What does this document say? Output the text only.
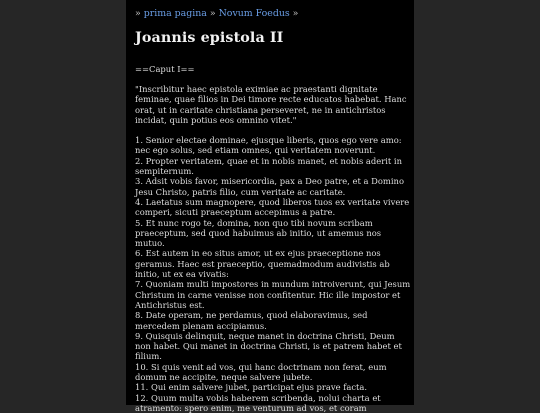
» prima pagina » Novum Foedus »
Joannis epistola II
==Caput I==
"Inscribitur haec epistola eximiae ac praestanti dignitate feminae, quae filios in Dei timore recte educatos habebat. Hanc orat, ut in caritate christiana perseveret, ne in antichristos incidat, quin potius eos omnino vitet."
1. Senior electae dominae, ejusque liberis, quos ego vere amo: nec ego solus, sed etiam omnes, qui veritatem noverunt.
2. Propter veritatem, quae et in nobis manet, et nobis aderit in sempiternum.
3. Adsit vobis favor, misericordia, pax a Deo patre, et a Domino Jesu Christo, patris filio, cum veritate ac caritate.
4. Laetatus sum magnopere, quod liberos tuos ex veritate vivere comperi, sicuti praeceptum accepimus a patre.
5. Et nunc rogo te, domina, non quo tibi novum scribam praeceptum, sed quod habuimus ab initio, ut amemus nos mutuo.
6. Est autem in eo situs amor, ut ex ejus praeceptione nos geramus. Haec est praeceptio, quemadmodum audivistis ab initio, ut ex ea vivatis:
7. Quoniam multi impostores in mundum introiverunt, qui Jesum Christum in carne venisse non confitentur. Hic ille impostor et Antichristus est.
8. Date operam, ne perdamus, quod elaboravimus, sed mercedem plenam accipiamus.
9. Quisquis delinquit, neque manet in doctrina Christi, Deum non habet. Qui manet in doctrina Christi, is et patrem habet et filium.
10. Si quis venit ad vos, qui hanc doctrinam non ferat, eum domum ne accipite, neque salvere jubete.
11. Qui enim salvere jubet, participat ejus prave facta.
12. Quum multa vobis haberem scribenda, nolui charta et atramento: spero enim, me venturum ad vos, et coram
